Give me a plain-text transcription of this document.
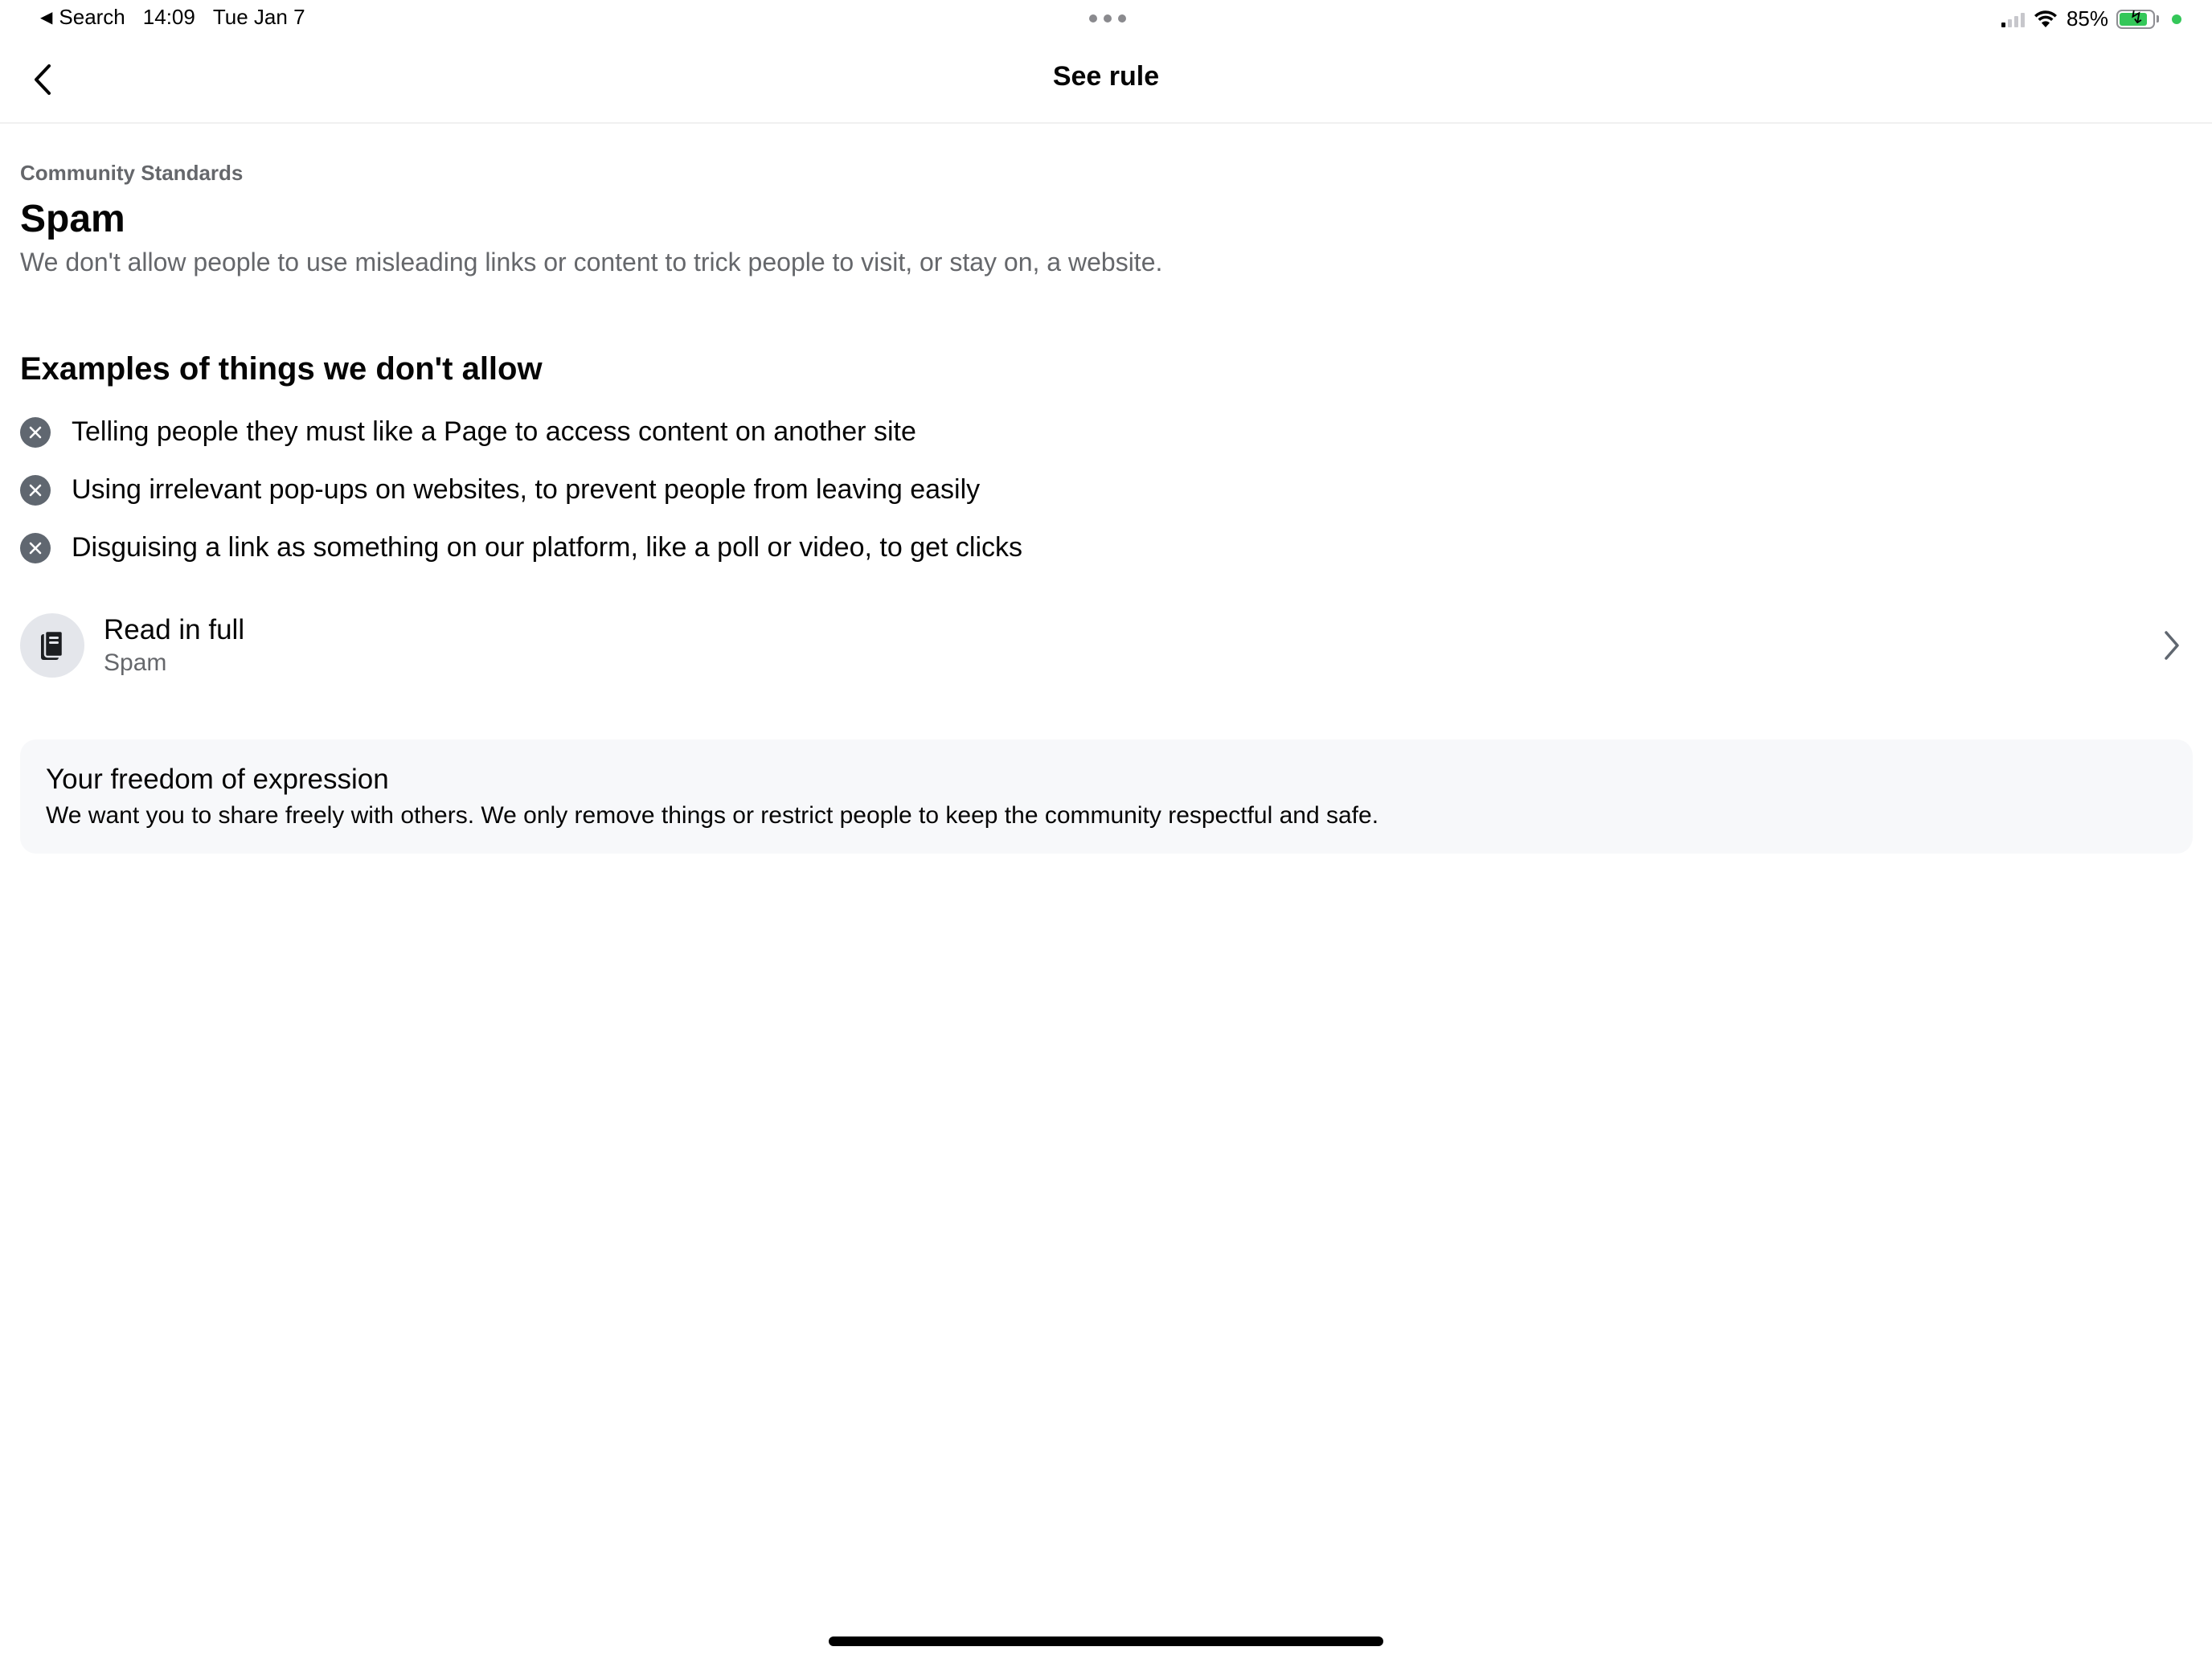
◀ Search 14:09 Tue Jan 7	85% ↯
See rule

Community Standards

Spam

We don't allow people to use misleading links or content to trick people to visit, or stay on, a website.

Examples of things we don't allow
Telling people they must like a Page to access content on another site
Using irrelevant pop-ups on websites, to prevent people from leaving easily
Disguising a link as something on our platform, like a poll or video, to get clicks
Read in full
Spam
Your freedom of expression
We want you to share freely with others. We only remove things or restrict people to keep the community respectful and safe.
